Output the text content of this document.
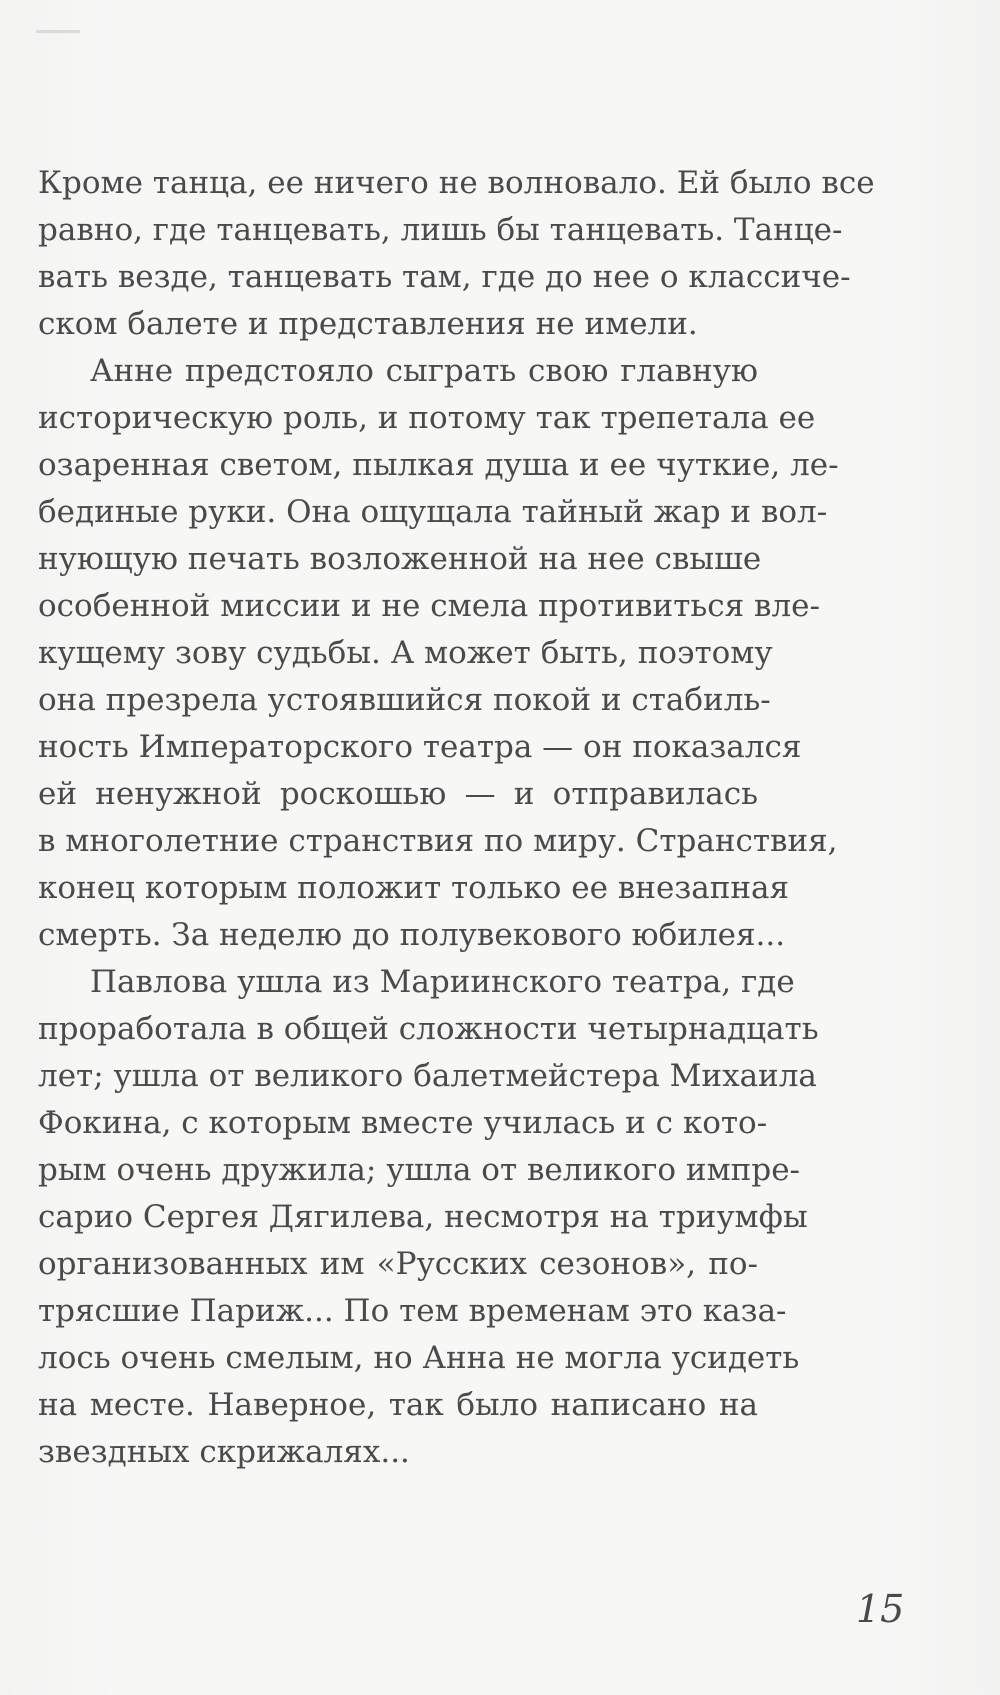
Кроме танца, ее ничего не волновало. Ей было все
равно, где танцевать, лишь бы танцевать. Танце-
вать везде, танцевать там, где до нее о классиче-
ском балете и представления не имели.
Анне предстояло сыграть свою главную
историческую роль, и потому так трепетала ее
озаренная светом, пылкая душа и ее чуткие, ле-
бединые руки. Она ощущала тайный жар и вол-
нующую печать возложенной на нее свыше
особенной миссии и не смела противиться вле-
кущему зову судьбы. А может быть, поэтому
она презрела устоявшийся покой и стабиль-
ность Императорского театра — он показался
ей ненужной роскошью — и отправилась
в многолетние странствия по миру. Странствия,
конец которым положит только ее внезапная
смерть. За неделю до полувекового юбилея...
Павлова ушла из Мариинского театра, где
проработала в общей сложности четырнадцать
лет; ушла от великого балетмейстера Михаила
Фокина, с которым вместе училась и с кото-
рым очень дружила; ушла от великого импре-
сарио Сергея Дягилева, несмотря на триумфы
организованных им «Русских сезонов», по-
трясшие Париж... По тем временам это каза-
лось очень смелым, но Анна не могла усидеть
на месте. Наверное, так было написано на
звездных скрижалях...
15
